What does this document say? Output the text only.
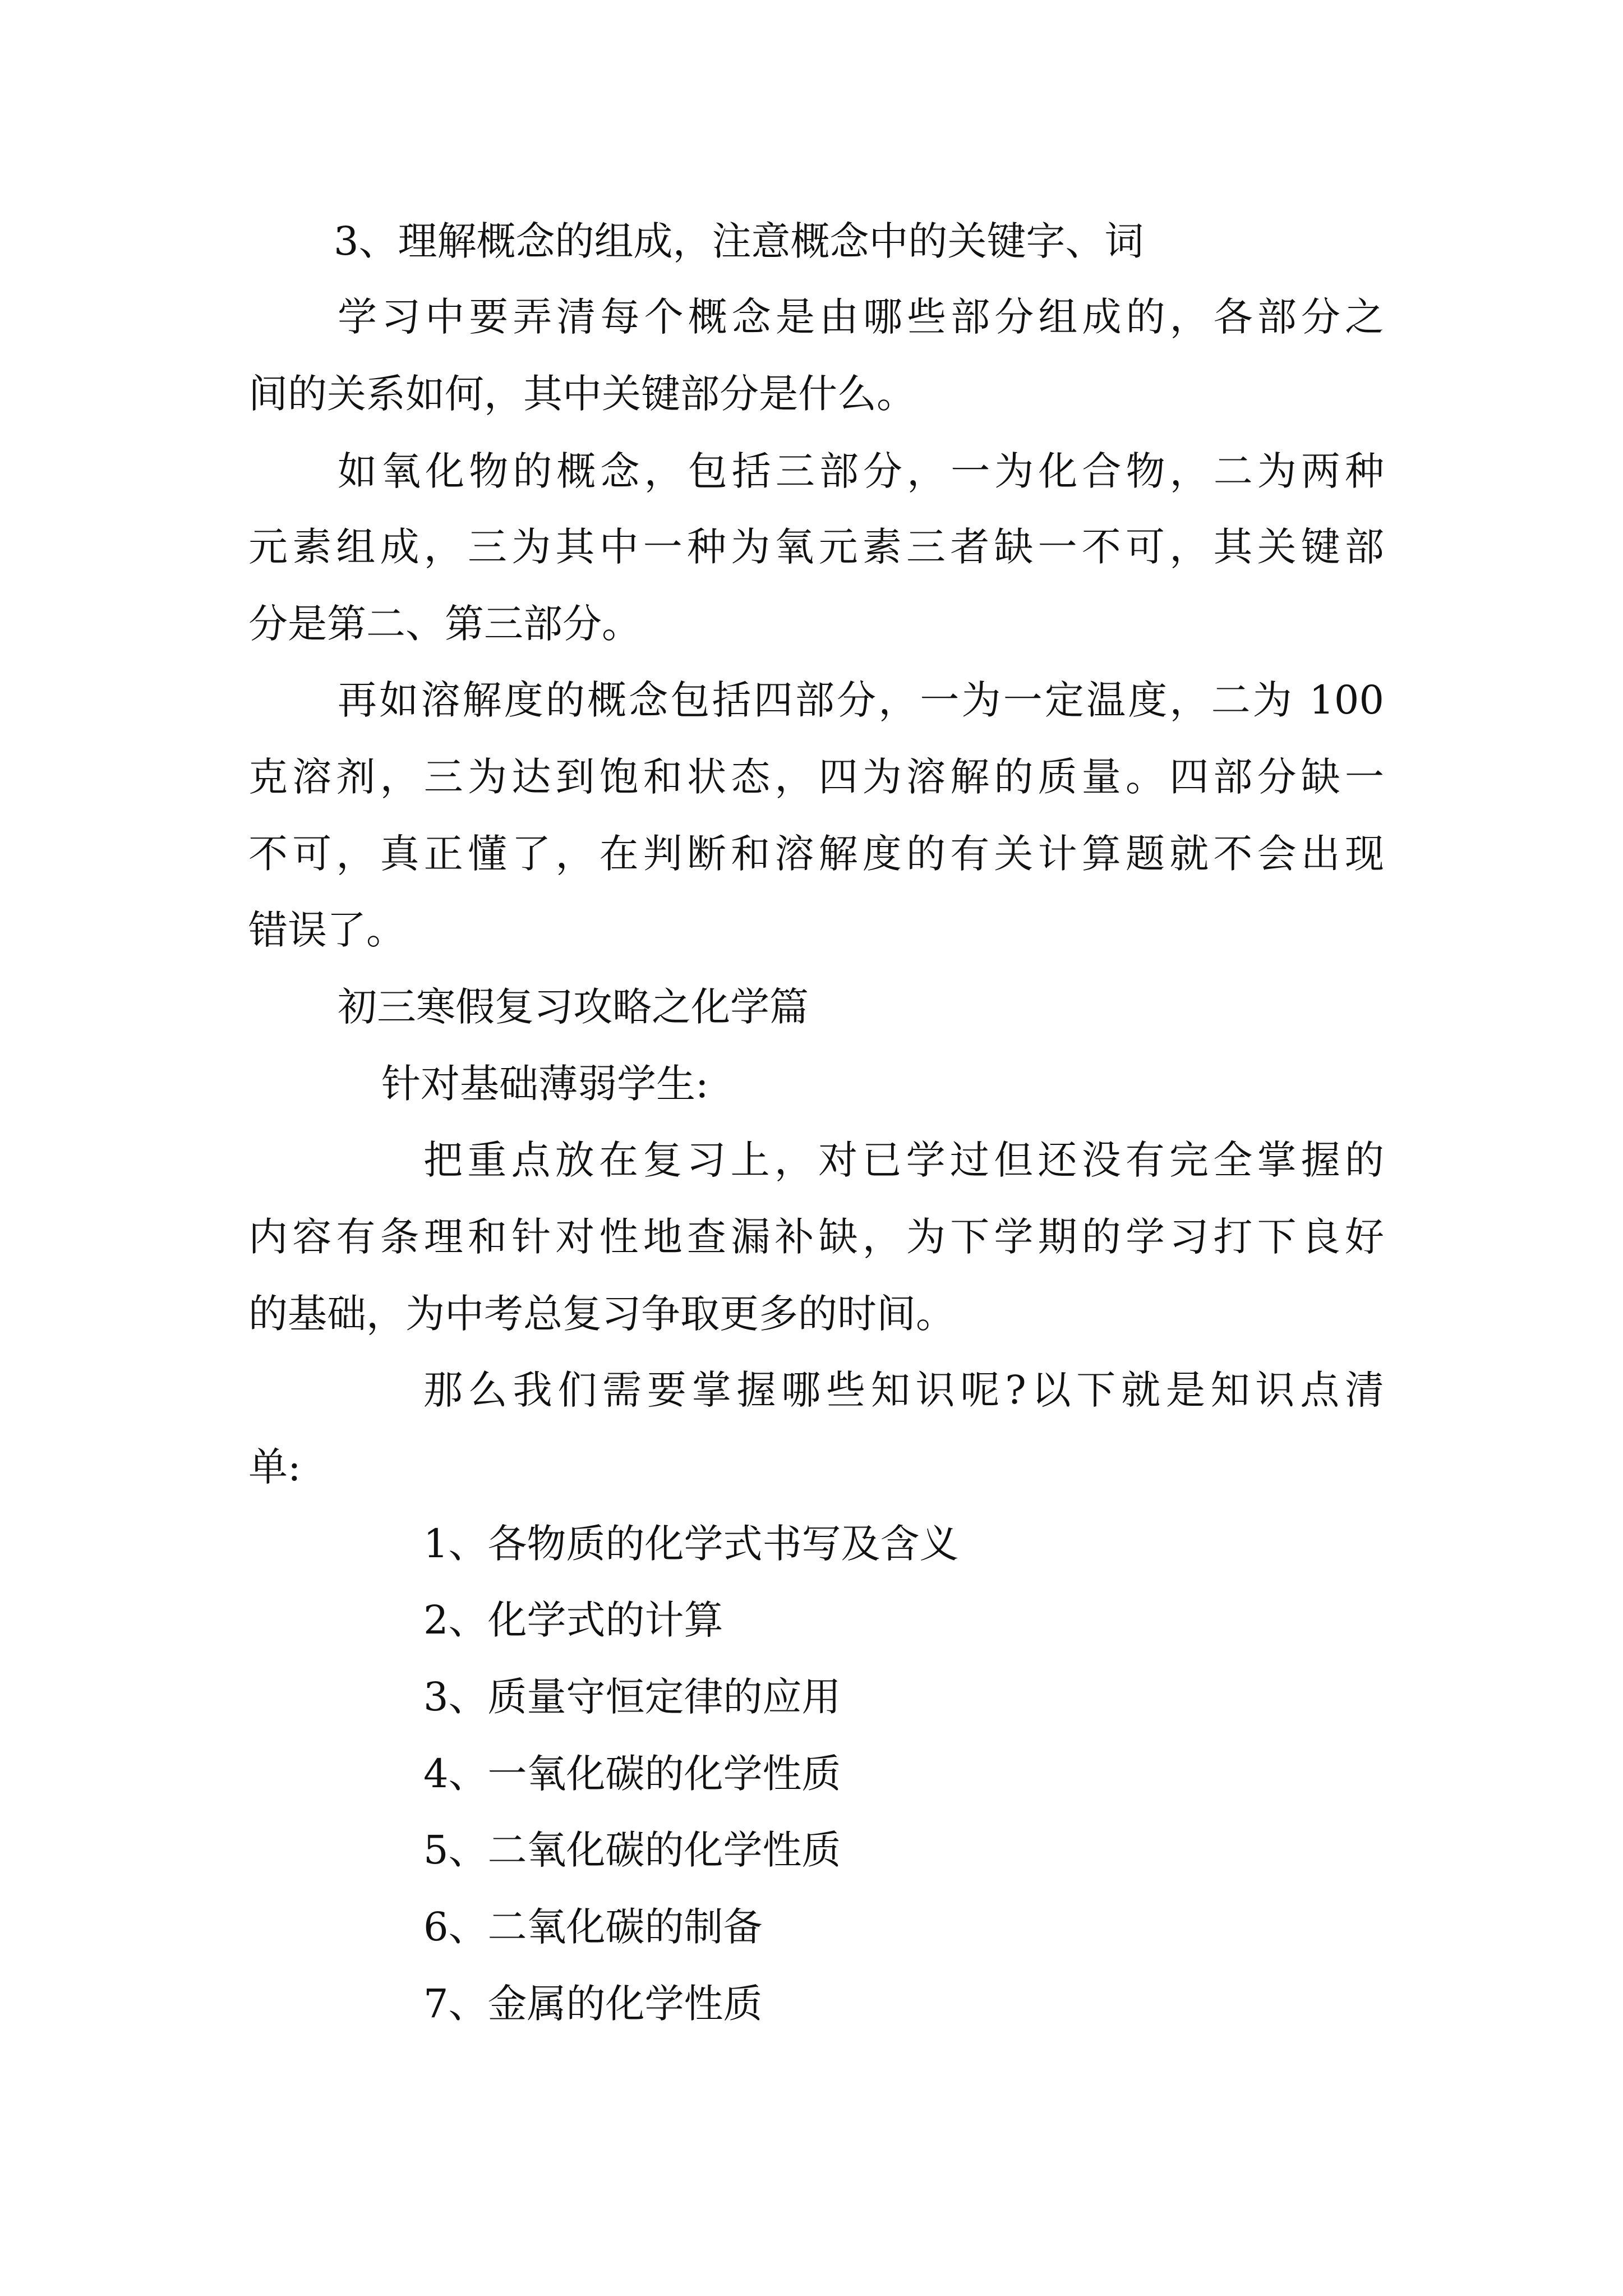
3、理解概念的组成，注意概念中的关键字、词
学习中要弄清每个概念是由哪些部分组成的，各部分之
间的关系如何，其中关键部分是什么。
如氧化物的概念，包括三部分，一为化合物，二为两种
元素组成，三为其中一种为氧元素三者缺一不可，其关键部
分是第二、第三部分。
再如溶解度的概念包括四部分，一为一定温度，二为 100
克溶剂，三为达到饱和状态，四为溶解的质量。四部分缺一
不可，真正懂了，在判断和溶解度的有关计算题就不会出现
错误了。
初三寒假复习攻略之化学篇
针对基础薄弱学生:
把重点放在复习上，对已学过但还没有完全掌握的
内容有条理和针对性地查漏补缺，为下学期的学习打下良好
的基础，为中考总复习争取更多的时间。
那么我们需要掌握哪些知识呢?以下就是知识点清
单:
1、各物质的化学式书写及含义
2、化学式的计算
3、质量守恒定律的应用
4、一氧化碳的化学性质
5、二氧化碳的化学性质
6、二氧化碳的制备
7、金属的化学性质
